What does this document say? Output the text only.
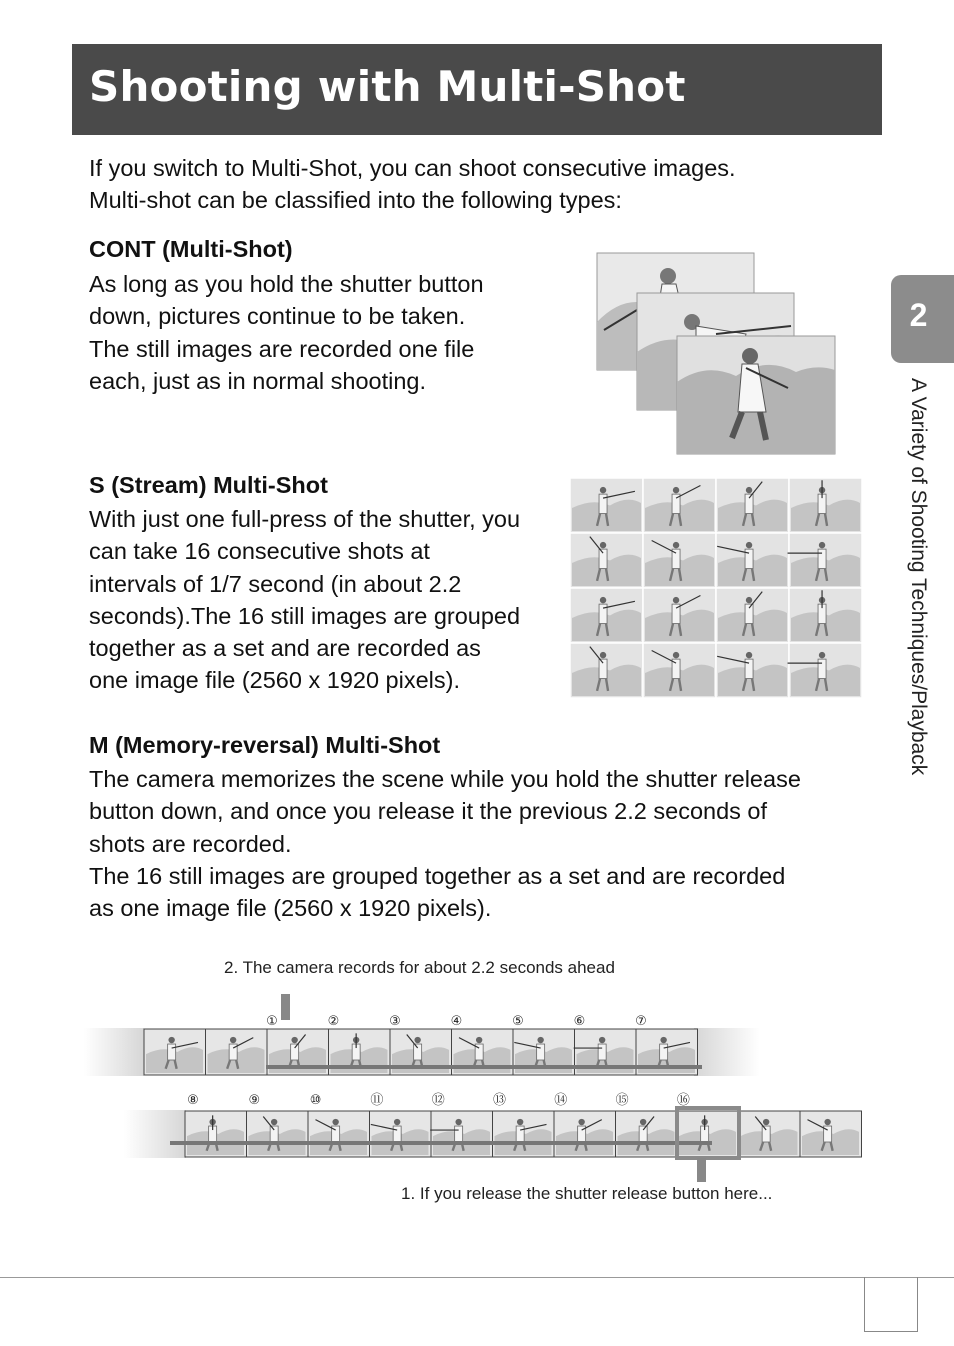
Shooting with Multi-Shot

If you switch to Multi-Shot, you can shoot consecutive images.
Multi-shot can be classified into the following types:

CONT (Multi-Shot)

As long as you hold the shutter button
down, pictures continue to be taken.
The still images are recorded one file
each, just as in normal shooting.

S (Stream) Multi-Shot

With just one full-press of the shutter, you
can take 16 consecutive shots at
intervals of 1/7 second (in about 2.2
seconds).The 16 still images are grouped
together as a set and are recorded as
one image file (2560 x 1920 pixels).

M (Memory-reversal) Multi-Shot

The camera memorizes the scene while you hold the shutter release
button down, and once you release it the previous 2.2 seconds of
shots are recorded.
The 16 still images are grouped together as a set and are recorded
as one image file (2560 x 1920 pixels).

2. The camera records for about 2.2 seconds ahead
①	②	③	④	⑤	⑥	⑦
⑧	⑨	⑩	⑪	⑫	⑬	⑭	⑮	⑯
1. If you release the shutter release button here...
2
A Variety of Shooting Techniques/Playback
